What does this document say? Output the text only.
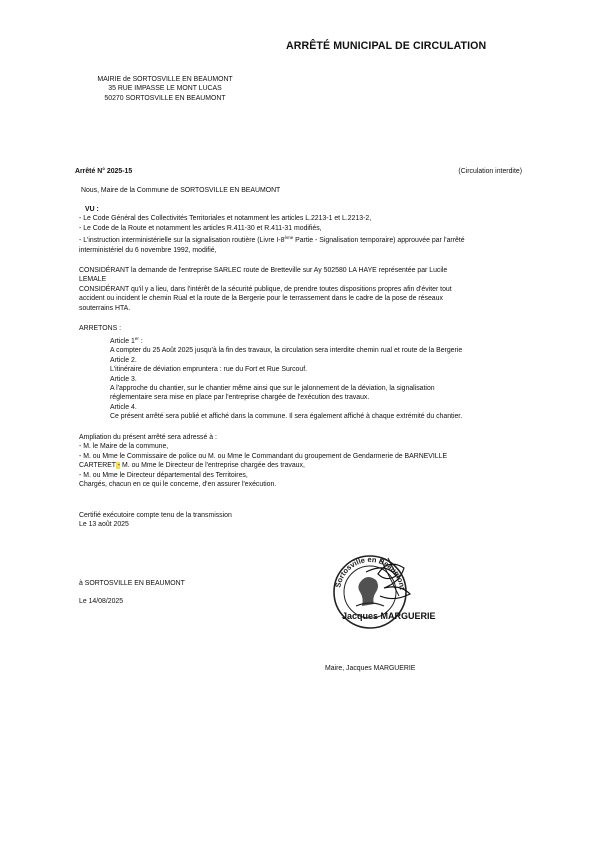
ARRÊTÉ MUNICIPAL DE CIRCULATION
MAIRIE de SORTOSVILLE EN BEAUMONT
35 RUE IMPASSE LE MONT LUCAS
50270 SORTOSVILLE EN BEAUMONT
Arrêté N° 2025-15	(Circulation interdite)
Nous, Maire de la Commune de SORTOSVILLE EN BEAUMONT
VU :
- Le Code Général des Collectivités Territoriales et notamment les articles L.2213-1 et L.2213-2,
- Le Code de la Route et notamment les articles R.411-30 et R.411-31 modifiés,
- L'instruction interministérielle sur la signalisation routière (Livre I-8ème Partie - Signalisation temporaire) approuvée par l'arrêté
interministériel du 6 novembre 1992, modifié,
CONSIDÉRANT la demande de l'entreprise SARLEC route de Bretteville sur Ay 502580 LA HAYE représentée par Lucile
LEMALE
CONSIDÉRANT qu'il y a lieu, dans l'intérêt de la sécurité publique, de prendre toutes dispositions propres afin d'éviter tout
accident ou incident le chemin Rual et la route de la Bergerie pour le terrassement dans le cadre de la pose de réseaux
souterrains HTA.
ARRETONS :
Article 1er :
A compter du 25 Août 2025 jusqu'à la fin des travaux, la circulation sera interdite chemin rual et route de la Bergerie
Article 2.
L'itinéraire de déviation empruntera : rue du Fort et Rue Surcouf.
Article 3.
A l'approche du chantier, sur le chantier même ainsi que sur le jalonnement de la déviation, la signalisation
réglementaire sera mise en place par l'entreprise chargée de l'exécution des travaux.
Article 4.
Ce présent arrêté sera publié et affiché dans la commune. Il sera également affiché à chaque extrémité du chantier.
Ampliation du présent arrêté sera adressé à :
- M. le Maire de la commune,
- M. ou Mme le Commissaire de police ou M. ou Mme le Commandant du groupement de Gendarmerie de BARNEVILLE
CARTERET - M. ou Mme le Directeur de l'entreprise chargée des travaux,
- M. ou Mme le Directeur départemental des Territoires,
Chargés, chacun en ce qui le concerne, d'en assurer l'exécution.
Certifié exécutoire compte tenu de la transmission
Le 13 août 2025
à SORTOSVILLE EN BEAUMONT
Le 14/08/2025
Sortosville en Beaumont
Jacques MARGUERIE
Maire, Jacques MARGUERIE
